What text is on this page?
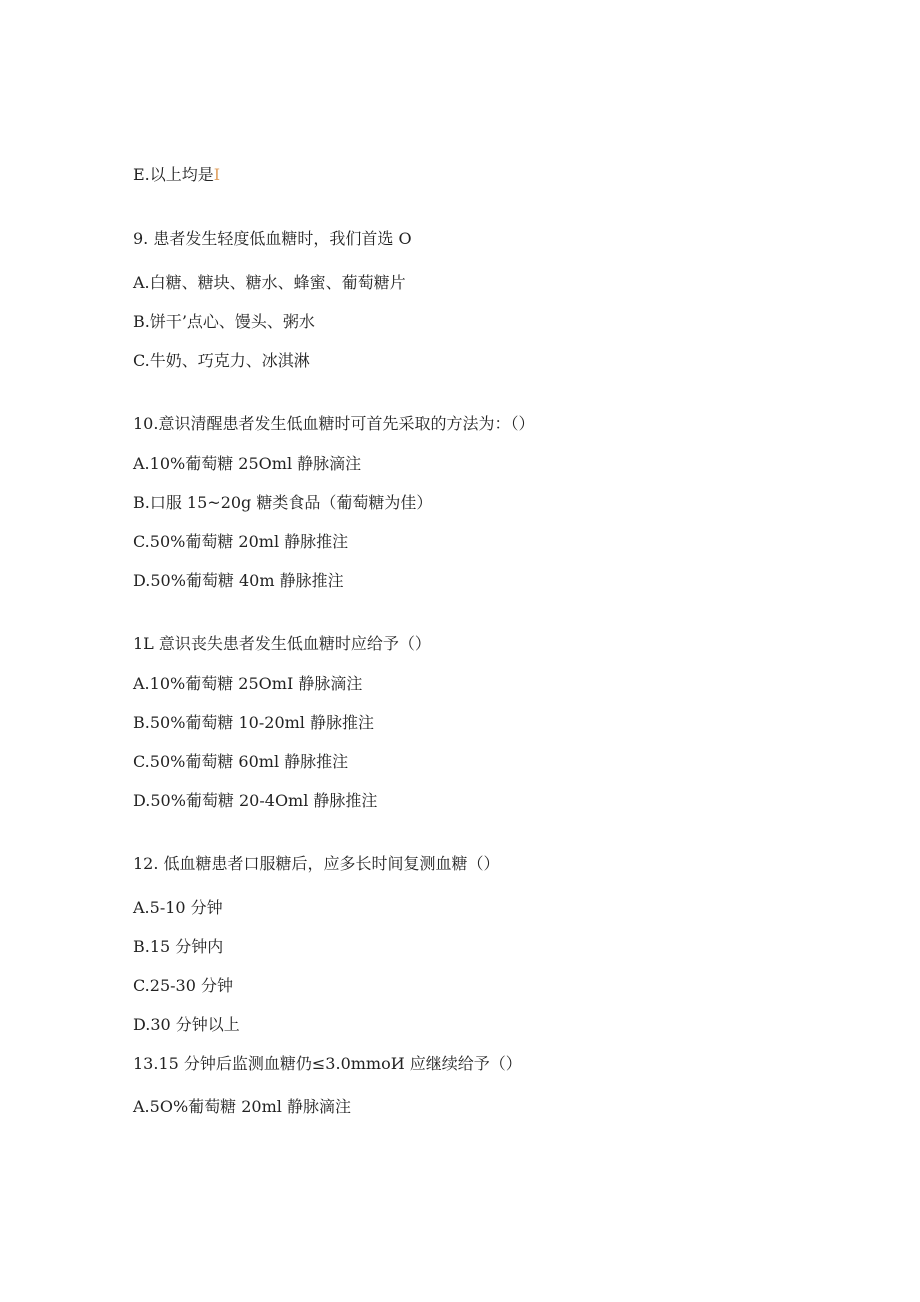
E.以上均是I
9. 患者发生轻度低血糖时，我们首选 O
A.白糖、糖块、糖水、蜂蜜、葡萄糖片
B.饼干’点心、馒头、粥水
C.牛奶、巧克力、冰淇淋
10.意识清醒患者发生低血糖时可首先采取的方法为：（）
A.10%葡萄糖 25Oml 静脉滴注
B.口服 15~20g 糖类食品（葡萄糖为佳）
C.50%葡萄糖 20ml 静脉推注
D.50%葡萄糖 40m 静脉推注
1L 意识丧失患者发生低血糖时应给予（）
A.10%葡萄糖 25OmI 静脉滴注
B.50%葡萄糖 10-20ml 静脉推注
C.50%葡萄糖 60ml 静脉推注
D.50%葡萄糖 20-4Oml 静脉推注
12. 低血糖患者口服糖后，应多长时间复测血糖（）
A.5-10 分钟
B.15 分钟内
C.25-30 分钟
D.30 分钟以上
13.15 分钟后监测血糖仍≤3.0mmoИ 应继续给予（）
A.5O%葡萄糖 20ml 静脉滴注
